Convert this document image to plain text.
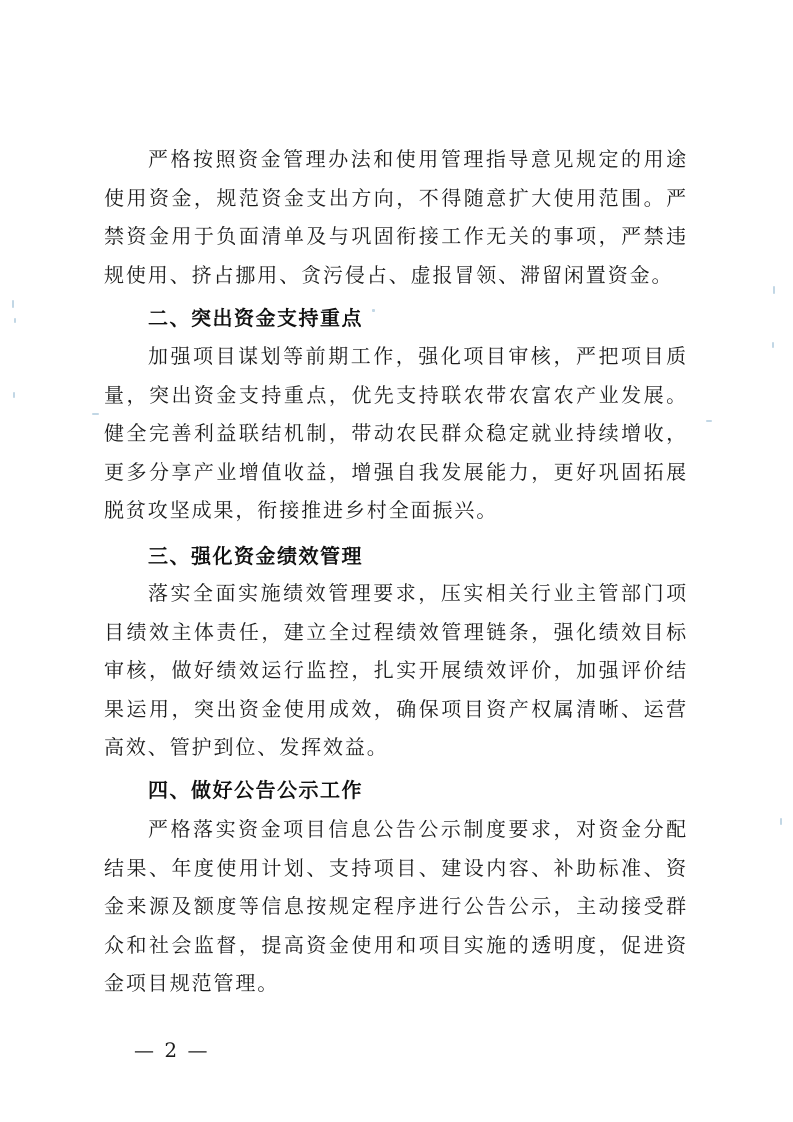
严格按照资金管理办法和使用管理指导意见规定的用途使用资金，规范资金支出方向，不得随意扩大使用范围。严禁资金用于负面清单及与巩固衔接工作无关的事项，严禁违规使用、挤占挪用、贪污侵占、虚报冒领、滞留闲置资金。

二、突出资金支持重点

加强项目谋划等前期工作，强化项目审核，严把项目质量，突出资金支持重点，优先支持联农带农富农产业发展。健全完善利益联结机制，带动农民群众稳定就业持续增收，更多分享产业增值收益，增强自我发展能力，更好巩固拓展脱贫攻坚成果，衔接推进乡村全面振兴。

三、强化资金绩效管理

落实全面实施绩效管理要求，压实相关行业主管部门项目绩效主体责任，建立全过程绩效管理链条，强化绩效目标审核，做好绩效运行监控，扎实开展绩效评价，加强评价结果运用，突出资金使用成效，确保项目资产权属清晰、运营高效、管护到位、发挥效益。

四、做好公告公示工作

严格落实资金项目信息公告公示制度要求，对资金分配结果、年度使用计划、支持项目、建设内容、补助标准、资金来源及额度等信息按规定程序进行公告公示，主动接受群众和社会监督，提高资金使用和项目实施的透明度，促进资金项目规范管理。

— 2 —
